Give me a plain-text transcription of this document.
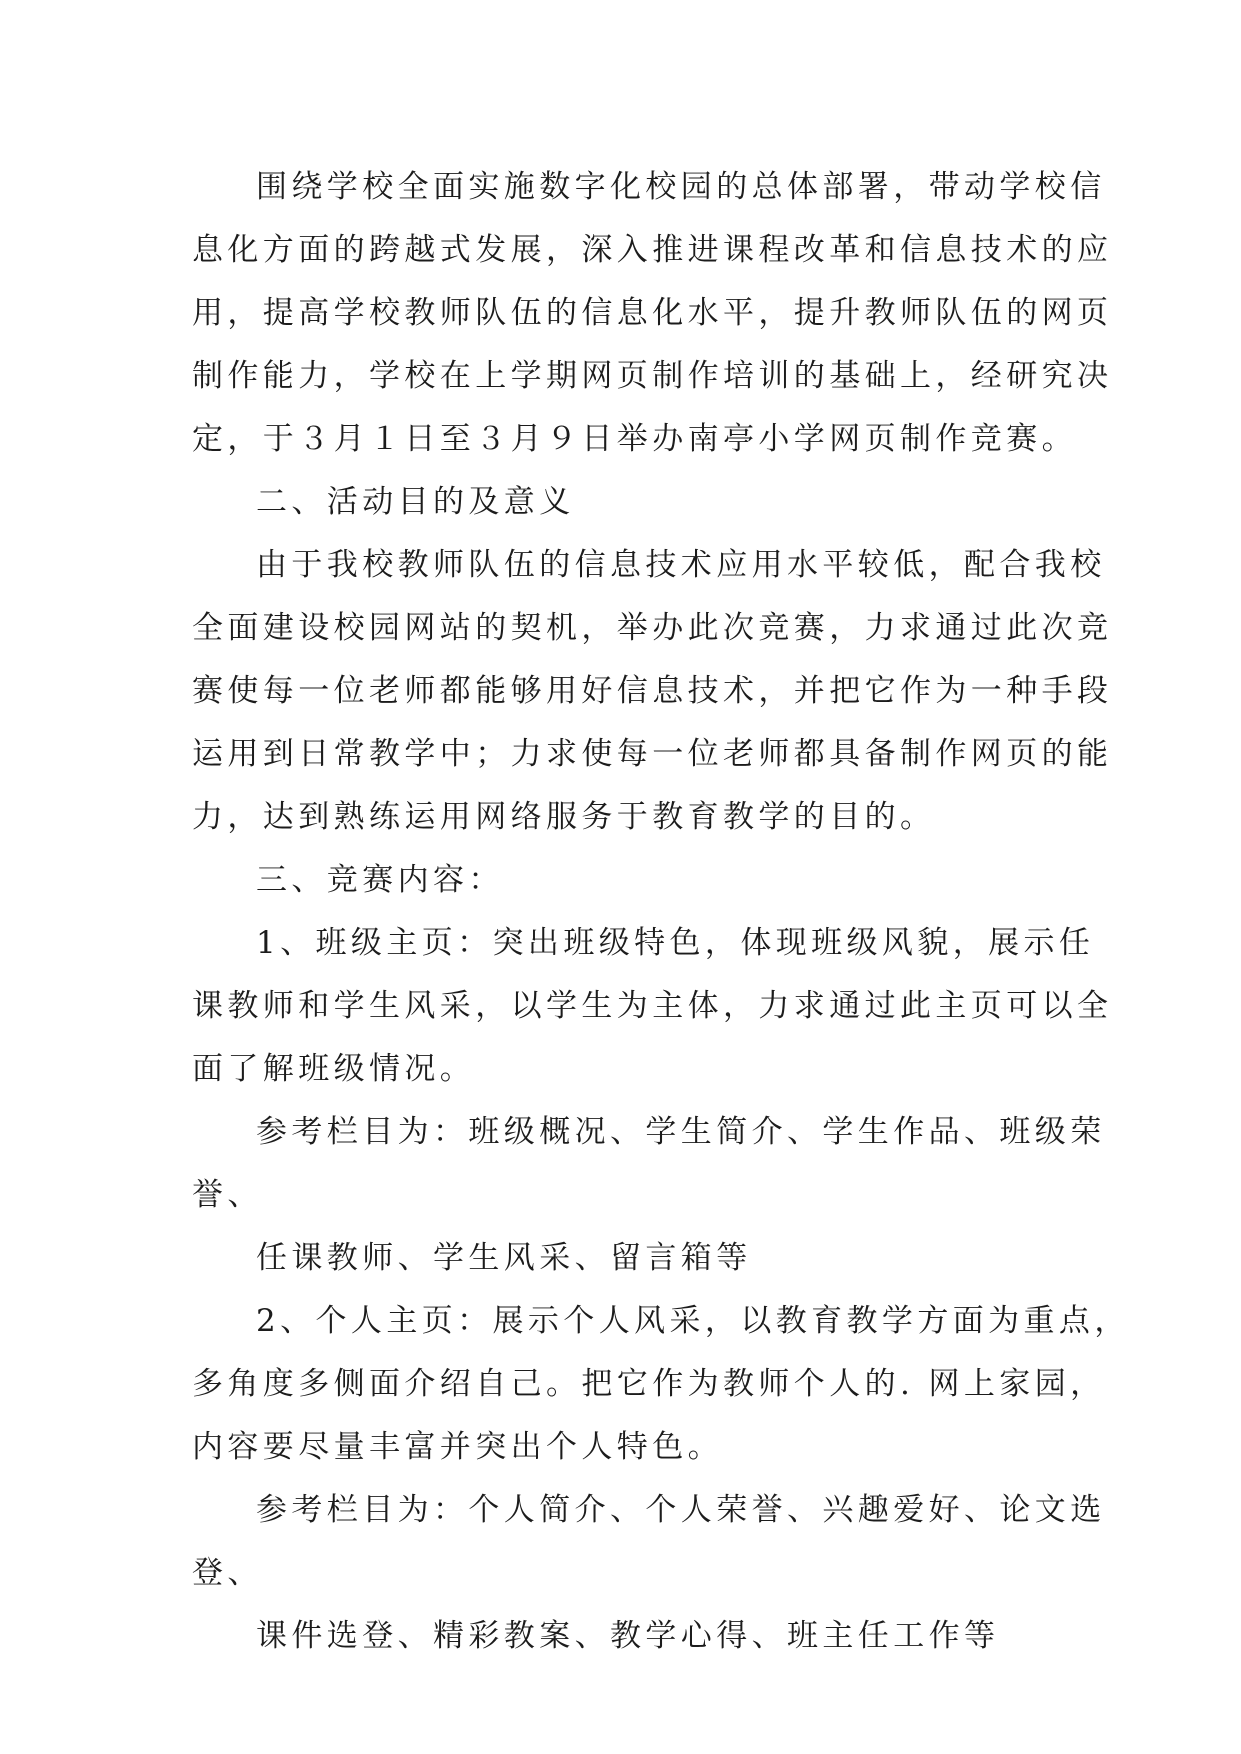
围绕学校全面实施数字化校园的总体部署，带动学校信
息化方面的跨越式发展，深入推进课程改革和信息技术的应
用，提高学校教师队伍的信息化水平，提升教师队伍的网页
制作能力，学校在上学期网页制作培训的基础上，经研究决
定，于３月１日至３月９日举办南亭小学网页制作竞赛。
二、活动目的及意义
由于我校教师队伍的信息技术应用水平较低，配合我校
全面建设校园网站的契机，举办此次竞赛，力求通过此次竞
赛使每一位老师都能够用好信息技术，并把它作为一种手段
运用到日常教学中；力求使每一位老师都具备制作网页的能
力，达到熟练运用网络服务于教育教学的目的。
三、竞赛内容：
1、班级主页：突出班级特色，体现班级风貌，展示任
课教师和学生风采，以学生为主体，力求通过此主页可以全
面了解班级情况。
参考栏目为：班级概况、学生简介、学生作品、班级荣
誉、
任课教师、学生风采、留言箱等
2、个人主页：展示个人风采，以教育教学方面为重点，
多角度多侧面介绍自己。把它作为教师个人的. 网上家园，
内容要尽量丰富并突出个人特色。
参考栏目为：个人简介、个人荣誉、兴趣爱好、论文选
登、
课件选登、精彩教案、教学心得、班主任工作等
